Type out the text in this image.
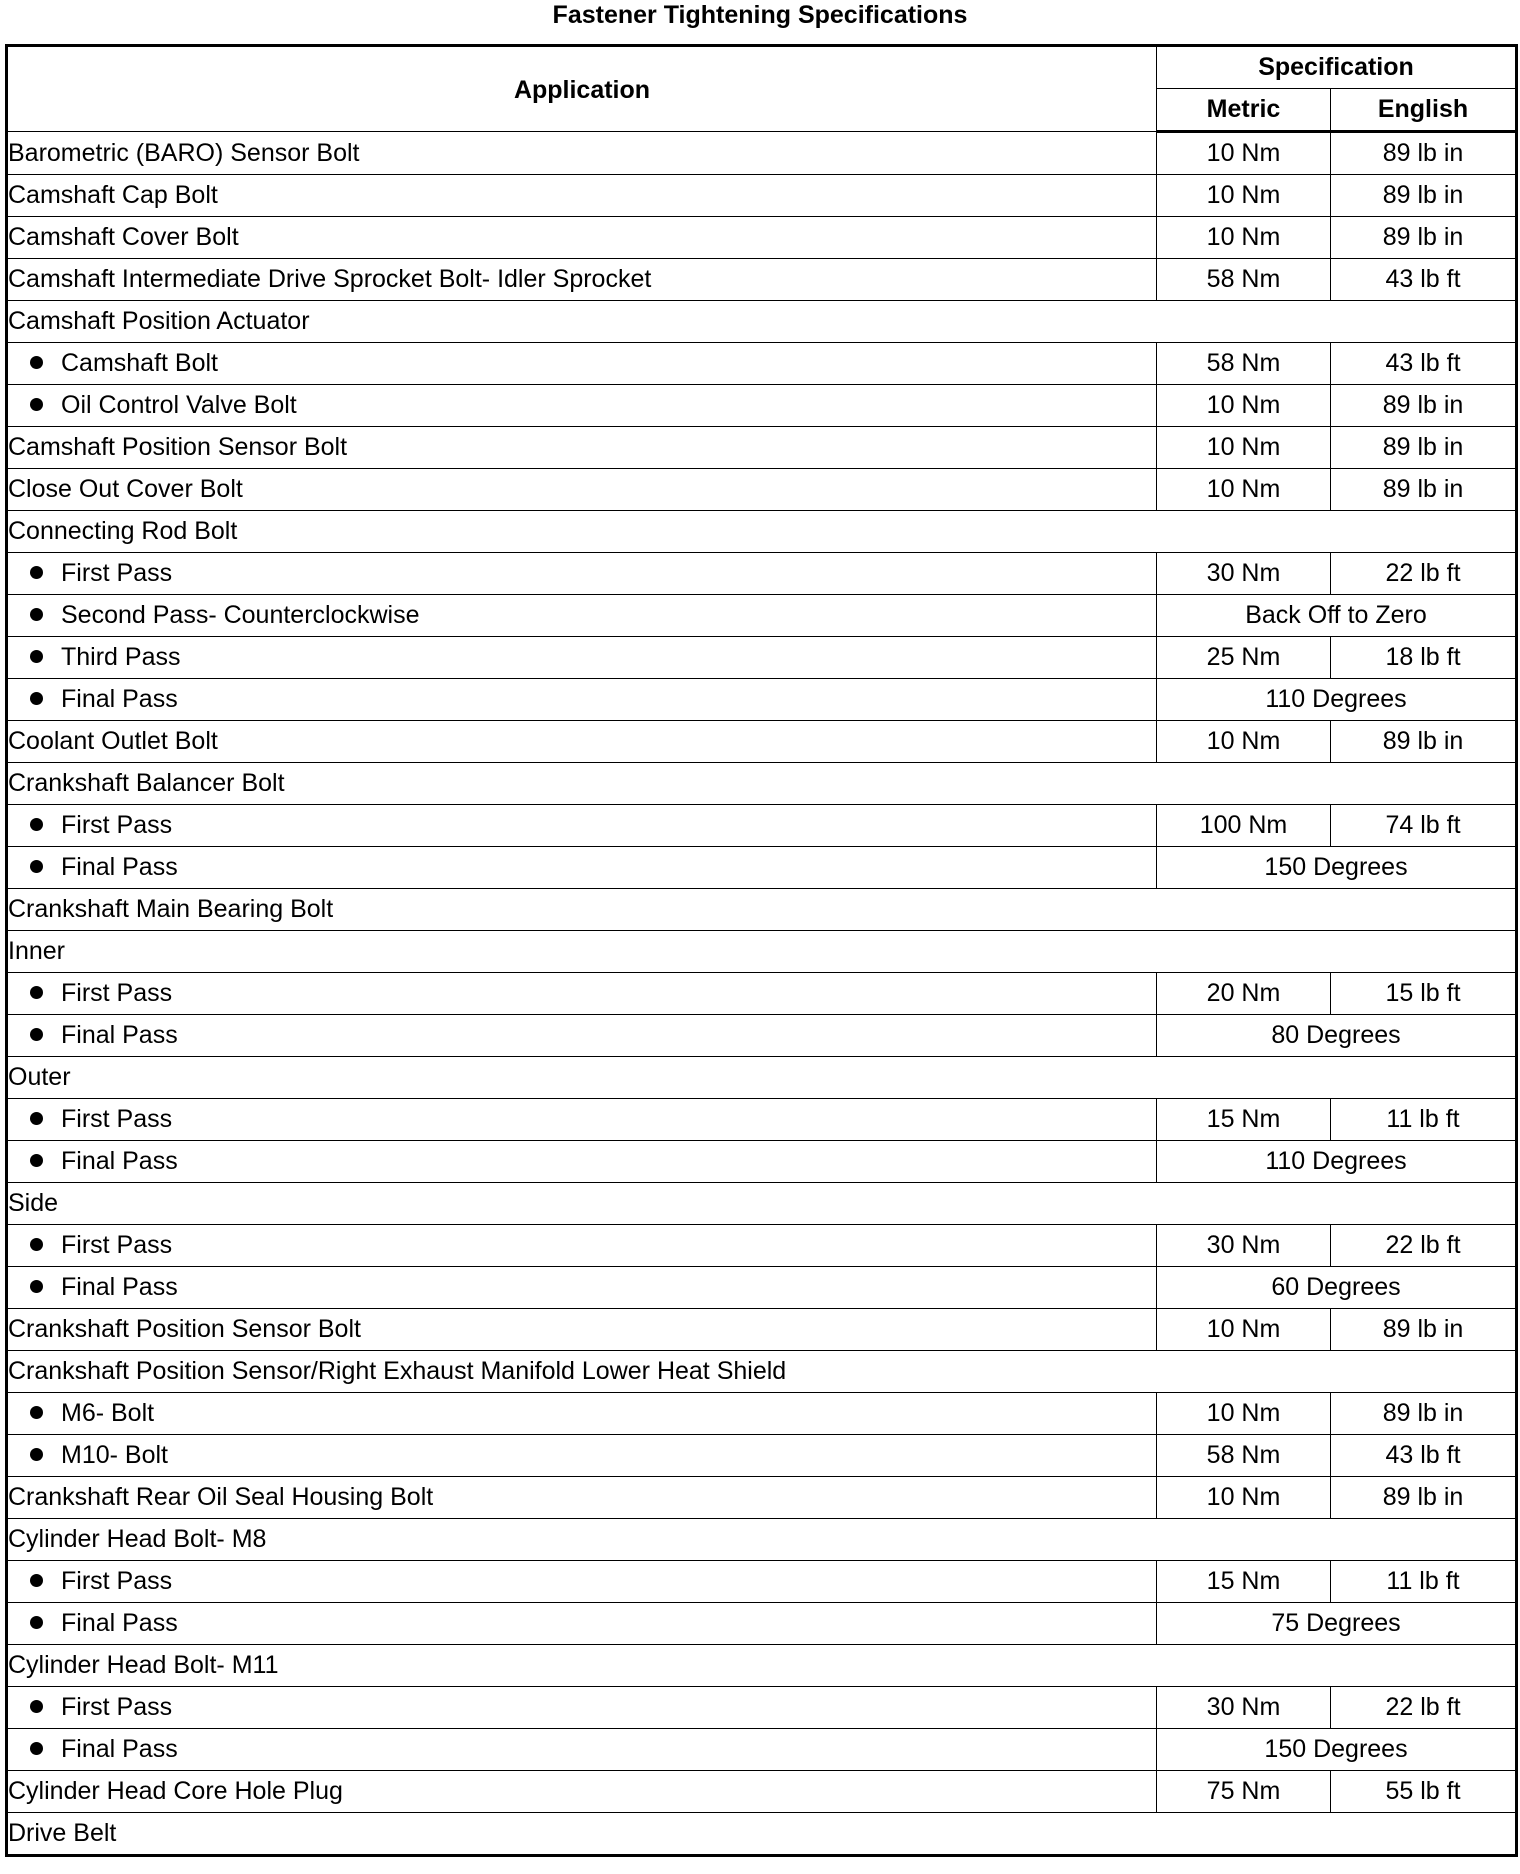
Fastener Tightening Specifications
Application	Specification	
	Metric	English
Barometric (BARO) Sensor Bolt	10 Nm	89 lb in
Camshaft Cap Bolt	10 Nm	89 lb in
Camshaft Cover Bolt	10 Nm	89 lb in
Camshaft Intermediate Drive Sprocket Bolt- Idler Sprocket	58 Nm	43 lb ft
Camshaft Position Actuator		
Camshaft Bolt	58 Nm	43 lb ft
Oil Control Valve Bolt	10 Nm	89 lb in
Camshaft Position Sensor Bolt	10 Nm	89 lb in
Close Out Cover Bolt	10 Nm	89 lb in
Connecting Rod Bolt		
First Pass	30 Nm	22 lb ft
Second Pass- Counterclockwise	Back Off to Zero	
Third Pass	25 Nm	18 lb ft
Final Pass	110 Degrees	
Coolant Outlet Bolt	10 Nm	89 lb in
Crankshaft Balancer Bolt		
First Pass	100 Nm	74 lb ft
Final Pass	150 Degrees	
Crankshaft Main Bearing Bolt		
Inner		
First Pass	20 Nm	15 lb ft
Final Pass	80 Degrees	
Outer		
First Pass	15 Nm	11 lb ft
Final Pass	110 Degrees	
Side		
First Pass	30 Nm	22 lb ft
Final Pass	60 Degrees	
Crankshaft Position Sensor Bolt	10 Nm	89 lb in
Crankshaft Position Sensor/Right Exhaust Manifold Lower Heat Shield		
M6- Bolt	10 Nm	89 lb in
M10- Bolt	58 Nm	43 lb ft
Crankshaft Rear Oil Seal Housing Bolt	10 Nm	89 lb in
Cylinder Head Bolt- M8		
First Pass	15 Nm	11 lb ft
Final Pass	75 Degrees	
Cylinder Head Bolt- M11		
First Pass	30 Nm	22 lb ft
Final Pass	150 Degrees	
Cylinder Head Core Hole Plug	75 Nm	55 lb ft
Drive Belt		
